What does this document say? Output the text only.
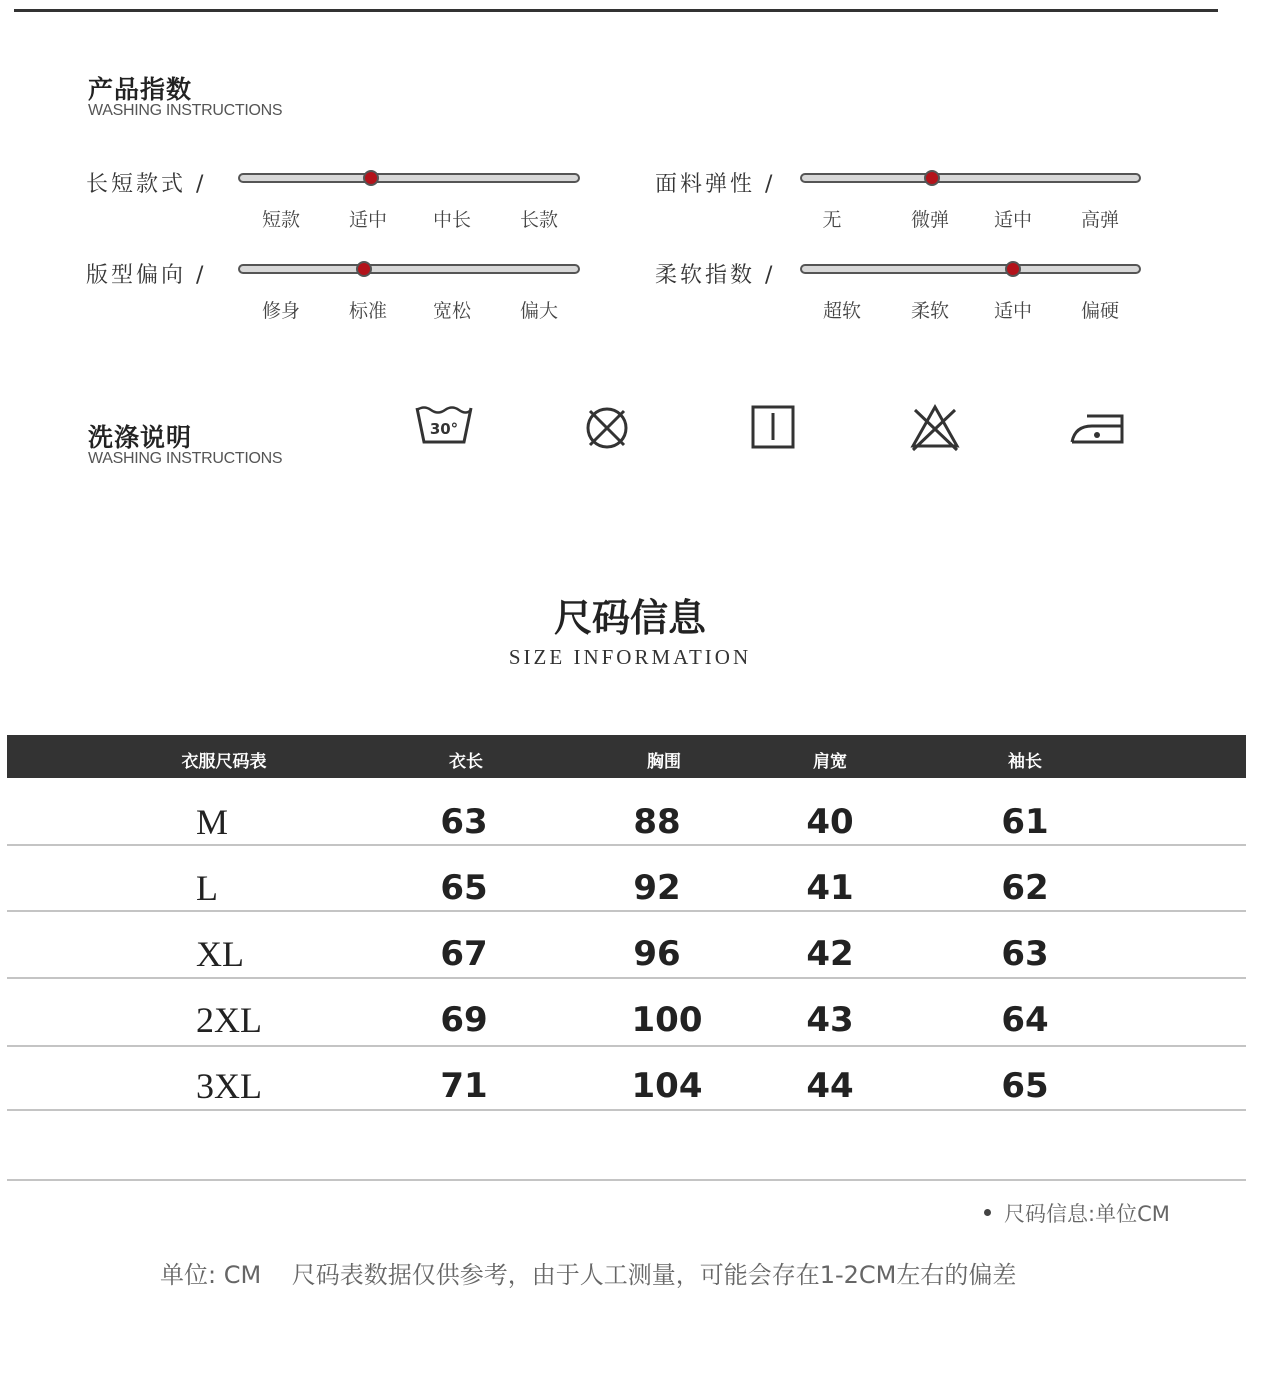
产品指数
WASHING INSTRUCTIONS
长短款式 /
短款	适中	中长	长款
面料弹性 /
无	微弹	适中	高弹
版型偏向 /
修身	标准	宽松	偏大
柔软指数 /
超软	柔软	适中	偏硬
洗涤说明
WASHING INSTRUCTIONS
30°
尺码信息
SIZE INFORMATION
衣服尺码表	衣长	胸围	肩宽	袖长
M	63	88	40	61
L	65	92	41	62
XL	67	96	42	63
2XL	69	100	43	64
3XL	71	104	44	65
尺码信息:单位CM
单位: CM    尺码表数据仅供参考，由于人工测量，可能会存在1-2CM左右的偏差
